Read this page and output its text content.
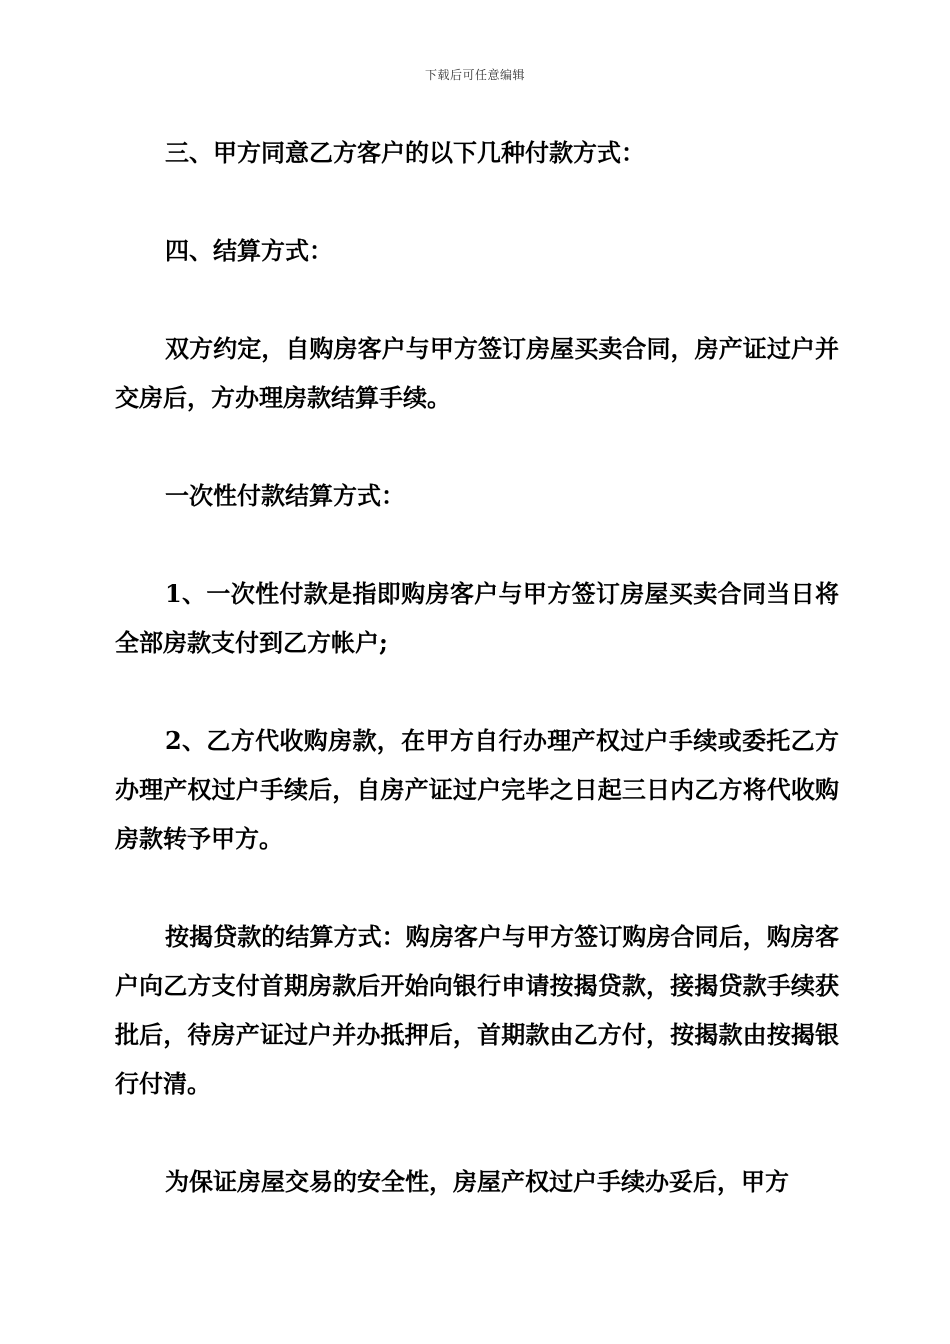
下载后可任意编辑

三、甲方同意乙方客户的以下几种付款方式：

四、结算方式：

双方约定，自购房客户与甲方签订房屋买卖合同，房产证过户并交房后，方办理房款结算手续。

一次性付款结算方式：

1、一次性付款是指即购房客户与甲方签订房屋买卖合同当日将全部房款支付到乙方帐户;

2、乙方代收购房款，在甲方自行办理产权过户手续或委托乙方办理产权过户手续后，自房产证过户完毕之日起三日内乙方将代收购房款转予甲方。

按揭贷款的结算方式：购房客户与甲方签订购房合同后，购房客户向乙方支付首期房款后开始向银行申请按揭贷款，接揭贷款手续获批后，待房产证过户并办抵押后，首期款由乙方付，按揭款由按揭银行付清。

为保证房屋交易的安全性，房屋产权过户手续办妥后，甲方
